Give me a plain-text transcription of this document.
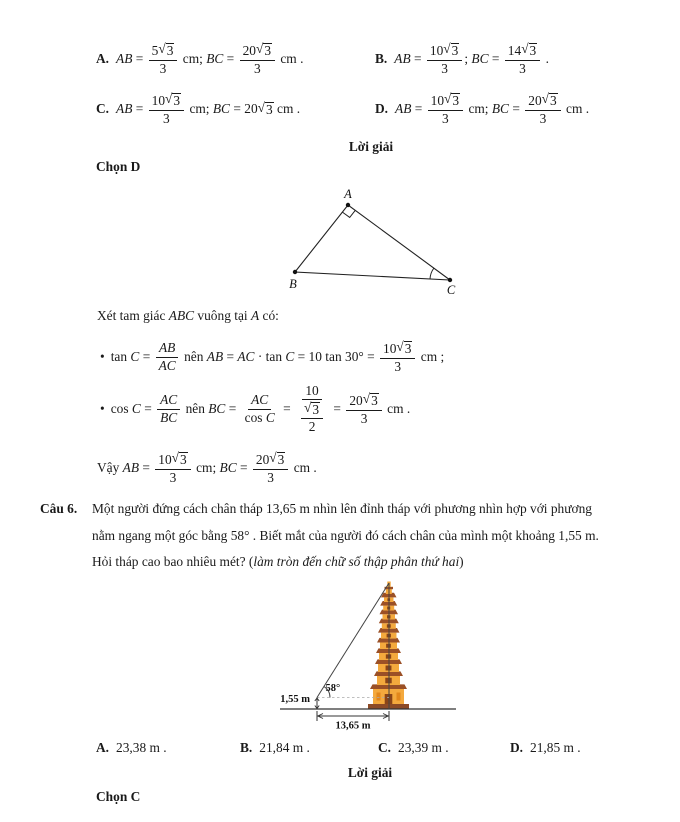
A. AB = $\frac{5 √ 3}{3}$ cm; BC = $\frac{20 √ 3}{3}$ cm .	B. AB = $\frac{10 √ 3}{3}$ ; BC = $\frac{14 √ 3}{3}$ .
C. AB = $\frac{10 √ 3}{3}$ cm; BC = 20 √ 3 cm .	D. AB = $\frac{10 √ 3}{3}$ cm; BC = $\frac{20 √ 3}{3}$ cm .
Lời giải
Chọn D
A
B	C
Xét tam giác ABC vuông tại A có:
• $\tan C = \frac{AB}{AC}$ nên AB = AC · tan C = 10 $\tan 30^\circ = \frac{10 √ 3}{3}$ cm ;
• $\cos C = \frac{AC}{BC}$ nên BC = $\frac{AC}{\text{cos C}} = \frac{10}{\frac{√ 3}{2}} = \frac{20 √ 3}{3}$ cm .
Vậy AB = $\frac{10 √ 3}{3}$ cm; BC = $\frac{20 √ 3}{3}$ cm .
Câu 6. Một người đứng cách chân tháp 13,65 m nhìn lên đỉnh tháp với phương nhìn hợp với phương
nằm ngang một góc bằng 58° . Biết mắt của người đó cách chân của mình một khoảng 1,55 m.
Hỏi tháp cao bao nhiêu mét? ( làm tròn đến chữ số thập phân thứ hai )
58°
1,55 m
13,65 m
A. 23,38 m .	B. 21,84 m .	C. 23,39 m .	D. 21,85 m .
Lời giải
Chọn C
